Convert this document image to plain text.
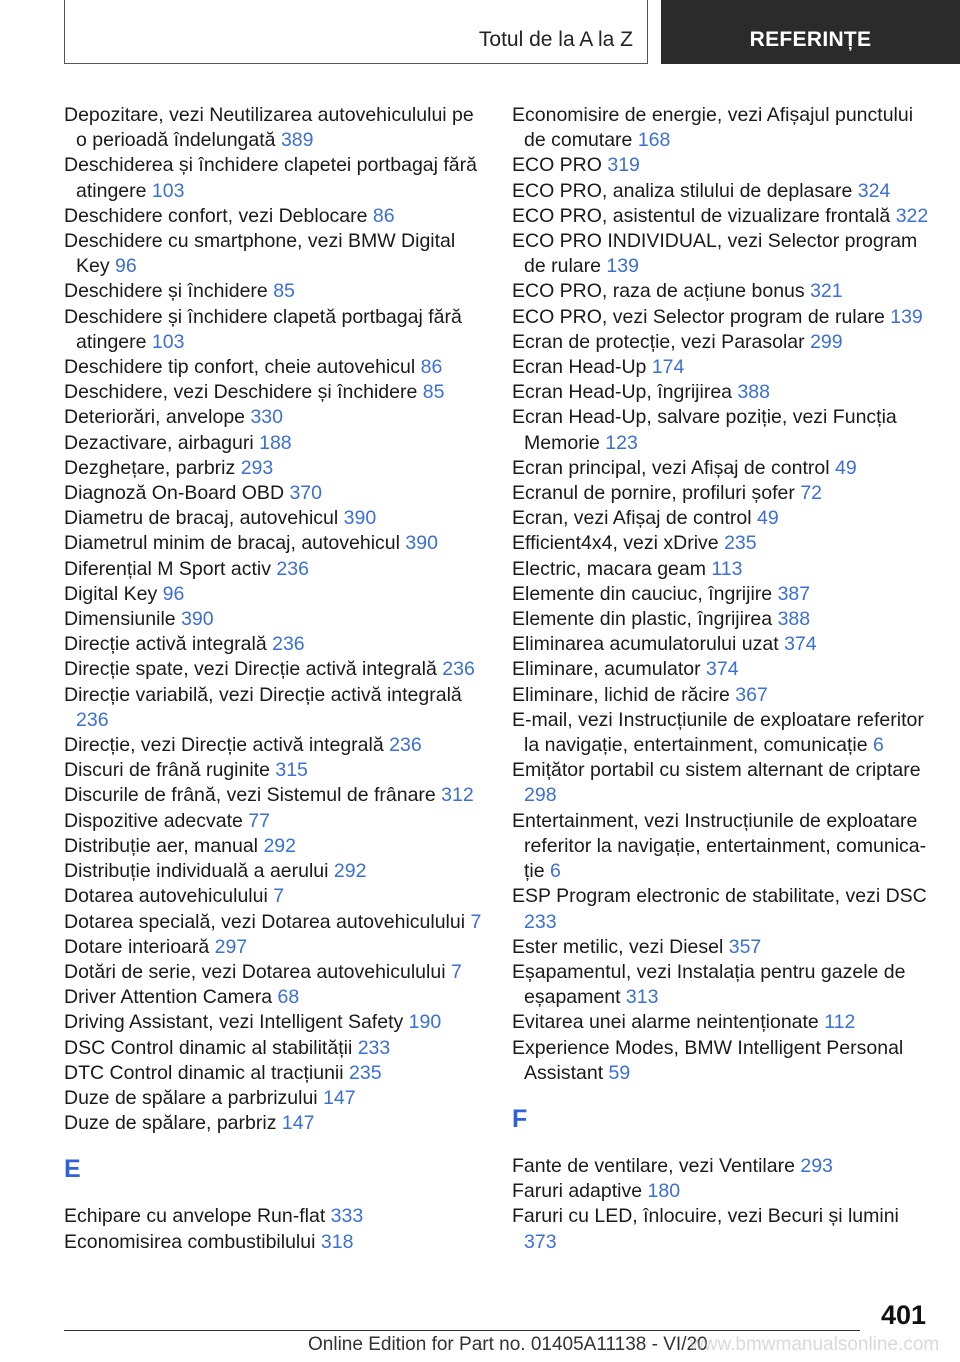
Totul de la A la Z	REFERINȚE

Depozitare, vezi Neutilizarea autovehiculului pe o perioadă îndelungată 389

Deschiderea și închidere clapetei portbagaj fără atingere 103

Deschidere confort, vezi Deblocare 86

Deschidere cu smartphone, vezi BMW Digital Key 96

Deschidere și închidere 85

Deschidere și închidere clapetă portbagaj fără atingere 103

Deschidere tip confort, cheie autovehicul 86

Deschidere, vezi Deschidere și închidere 85

Deteriorări, anvelope 330

Dezactivare, airbaguri 188

Dezghețare, parbriz 293

Diagnoză On-Board OBD 370

Diametru de bracaj, autovehicul 390

Diametrul minim de bracaj, autovehicul 390

Diferențial M Sport activ 236

Digital Key 96

Dimensiunile 390

Direcție activă integrală 236

Direcție spate, vezi Direcție activă integrală 236

Direcție variabilă, vezi Direcție activă integrală 236

Direcție, vezi Direcție activă integrală 236

Discuri de frână ruginite 315

Discurile de frână, vezi Sistemul de frânare 312

Dispozitive adecvate 77

Distribuție aer, manual 292

Distribuție individuală a aerului 292

Dotarea autovehiculului 7

Dotarea specială, vezi Dotarea autovehiculului 7

Dotare interioară 297

Dotări de serie, vezi Dotarea autovehiculului 7

Driver Attention Camera 68

Driving Assistant, vezi Intelligent Safety 190

DSC Control dinamic al stabilității 233

DTC Control dinamic al tracțiunii 235

Duze de spălare a parbrizului 147

Duze de spălare, parbriz 147

E

Echipare cu anvelope Run-flat 333

Economisirea combustibilului 318

Economisire de energie, vezi Afișajul punctului de comutare 168

ECO PRO 319

ECO PRO, analiza stilului de deplasare 324

ECO PRO, asistentul de vizualizare frontală 322

ECO PRO INDIVIDUAL, vezi Selector program de rulare 139

ECO PRO, raza de acțiune bonus 321

ECO PRO, vezi Selector program de rulare 139

Ecran de protecție, vezi Parasolar 299

Ecran Head-Up 174

Ecran Head-Up, îngrijirea 388

Ecran Head-Up, salvare poziție, vezi Funcția Memorie 123

Ecran principal, vezi Afișaj de control 49

Ecranul de pornire, profiluri șofer 72

Ecran, vezi Afișaj de control 49

Efficient4x4, vezi xDrive 235

Electric, macara geam 113

Elemente din cauciuc, îngrijire 387

Elemente din plastic, îngrijirea 388

Eliminarea acumulatorului uzat 374

Eliminare, acumulator 374

Eliminare, lichid de răcire 367

E-mail, vezi Instrucțiunile de exploatare referitor la navigație, entertainment, comunicație 6

Emițător portabil cu sistem alternant de criptare 298

Entertainment, vezi Instrucțiunile de exploatare referitor la navigație, entertainment, comunicație 6

ESP Program electronic de stabilitate, vezi DSC 233

Ester metilic, vezi Diesel 357

Eșapamentul, vezi Instalația pentru gazele de eșapament 313

Evitarea unei alarme neintenționate 112

Experience Modes, BMW Intelligent Personal Assistant 59

F

Fante de ventilare, vezi Ventilare 293

Faruri adaptive 180

Faruri cu LED, înlocuire, vezi Becuri și lumini 373

401
Online Edition for Part no. 01405A11138 - VI/20
www.bmwmanualsonline.com
